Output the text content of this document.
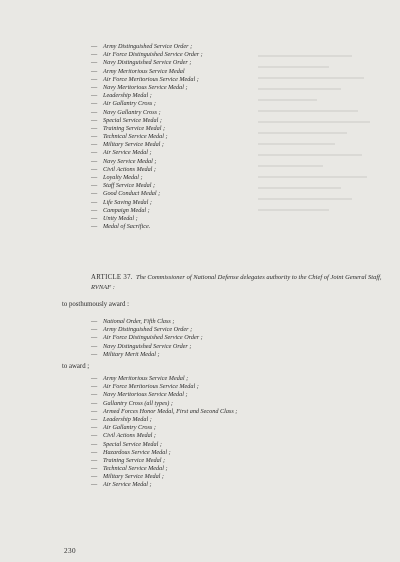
— Army Distinguished Service Order ;
— Air Force Distinguished Service Order ;
— Navy Distinguished Service Order ;
— Army Meritorious Service Medal
— Air Force Meritorious Service Medal ;
— Navy Meritorious Service Medal ;
— Leadership Medal ;
— Air Gallantry Cross ;
— Navy Gallantry Cross ;
— Special Service Medal ;
— Training Service Medal ;
— Technical Service Medal ;
— Military Service Medal ;
— Air Service Medal ;
— Navy Service Medal ;
— Civil Actions Medal ;
— Loyalty Medal ;
— Staff Service Medal ;
— Good Conduct Medal ;
— Life Saving Medal ;
— Campaign Medal ;
— Unity Medal ;
— Medal of Sacrifice.
ARTICLE 37. The Commissioner of National Defense delegates authority to the Chief of Joint General Staff, RVNAF :
to posthumously award :
— National Order, Fifth Class ;
— Army Distinguished Service Order ;
— Air Force Distinguished Service Order ;
— Navy Distinguished Service Order ;
— Military Merit Medal ;
to award ;
— Army Meritorious Service Medal ;
— Air Force Meritorious Service Medal ;
— Navy Meritorious Service Medal ;
— Gallantry Cross (all types) ;
— Armed Forces Honor Medal, First and Second Class ;
— Leadership Medal ;
— Air Gallantry Cross ;
— Civil Actions Medal ;
— Special Service Medal ;
— Hazardous Service Medal ;
— Training Service Medal ;
— Technical Service Medal ;
— Military Service Medal ;
— Air Service Medal ;
230
